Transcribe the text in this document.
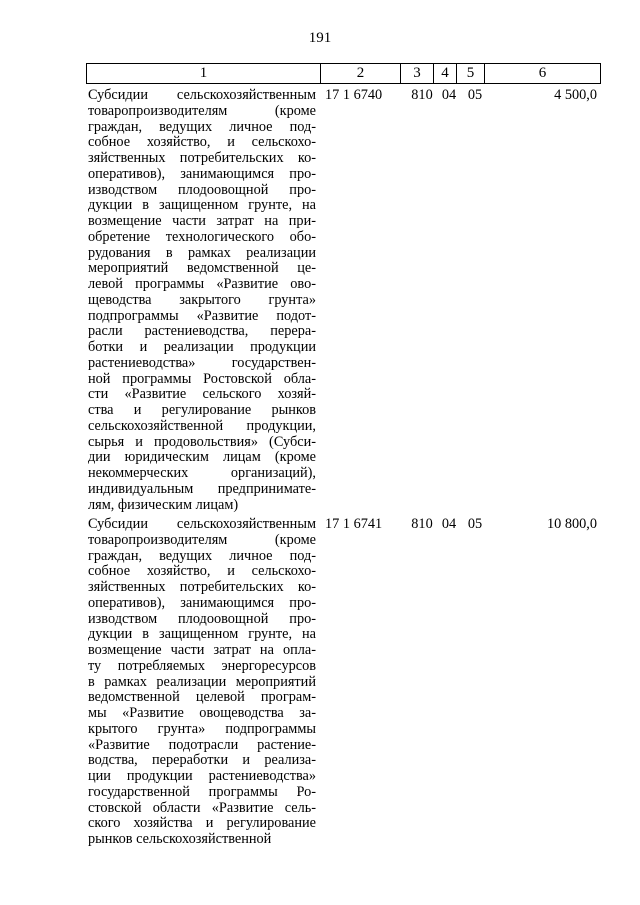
191
1	2	3	4	5	6
Субсидии сельскохозяйственным
товаропроизводителям (кроме
граждан, ведущих личное под-
собное хозяйство, и сельскохо-
зяйственных потребительских ко-
оперативов), занимающимся про-
изводством плодоовощной про-
дукции в защищенном грунте, на
возмещение части затрат на при-
обретение технологического обо-
рудования в рамках реализации
мероприятий ведомственной це-
левой программы «Развитие ово-
щеводства закрытого грунта»
подпрограммы «Развитие подот-
расли растениеводства, перера-
ботки и реализации продукции
растениеводства» государствен-
ной программы Ростовской обла-
сти «Развитие сельского хозяй-
ства и регулирование рынков
сельскохозяйственной продукции,
сырья и продовольствия» (Субси-
дии юридическим лицам (кроме
некоммерческих организаций),
индивидуальным предпринимате-
лям, физическим лицам)
17 1 6740	810 04 05	4 500,0
Субсидии сельскохозяйственным
товаропроизводителям (кроме
граждан, ведущих личное под-
собное хозяйство, и сельскохо-
зяйственных потребительских ко-
оперативов), занимающимся про-
изводством плодоовощной про-
дукции в защищенном грунте, на
возмещение части затрат на опла-
ту потребляемых энергоресурсов
в рамках реализации мероприятий
ведомственной целевой програм-
мы «Развитие овощеводства за-
крытого грунта» подпрограммы
«Развитие подотрасли растение-
водства, переработки и реализа-
ции продукции растениеводства»
государственной программы Ро-
стовской области «Развитие сель-
ского хозяйства и регулирование
рынков сельскохозяйственной
17 1 6741	810 04 05	10 800,0
